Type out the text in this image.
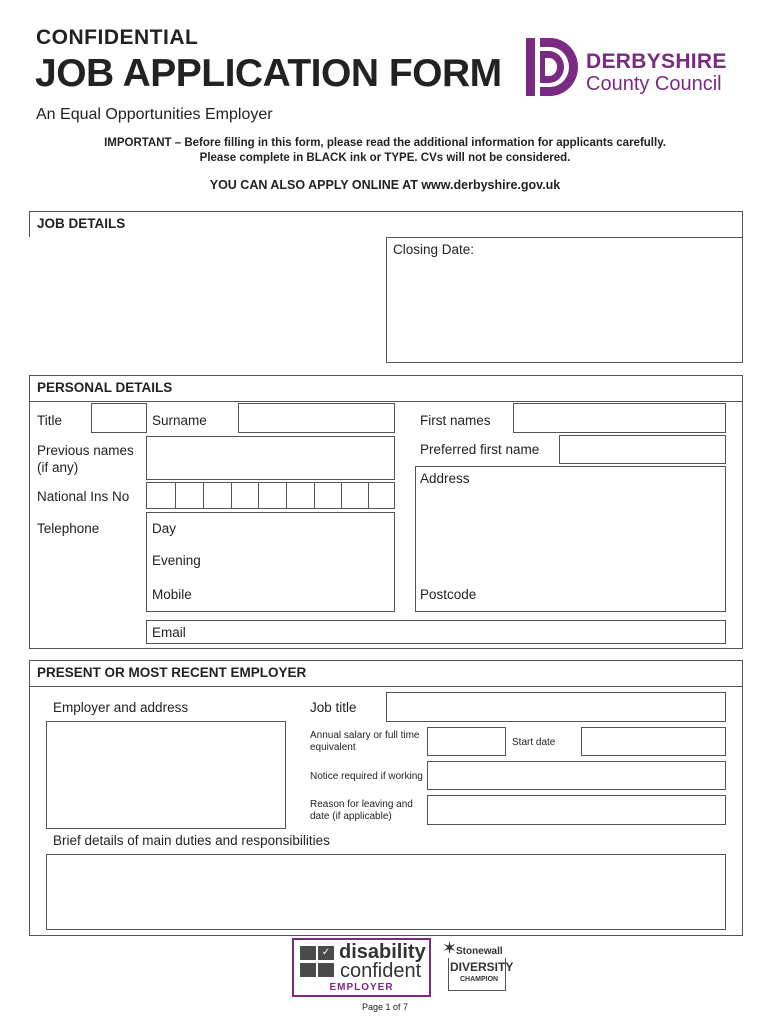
CONFIDENTIAL
JOB APPLICATION FORM
An Equal Opportunities Employer
DERBYSHIRE
County Council
IMPORTANT – Before filling in this form, please read the additional information for applicants carefully.
Please complete in BLACK ink or TYPE. CVs will not be considered.
YOU CAN ALSO APPLY ONLINE AT www.derbyshire.gov.uk
JOB DETAILS
Closing Date:
PERSONAL DETAILS
Title	Surname	First names
Previous names
(if any)
Preferred first name
Address
Postcode
National Ins No
Telephone	Day
Evening
Mobile
Email
PRESENT OR MOST RECENT EMPLOYER
Employer and address	Job title
Annual salary or full time
equivalent	Start date
Notice required if working
Reason for leaving and
date (if applicable)
Brief details of main duties and responsibilities
✓ disability
confident
EMPLOYER
✶
Stonewall
DIVERSITY
CHAMPION
Page 1 of 7
